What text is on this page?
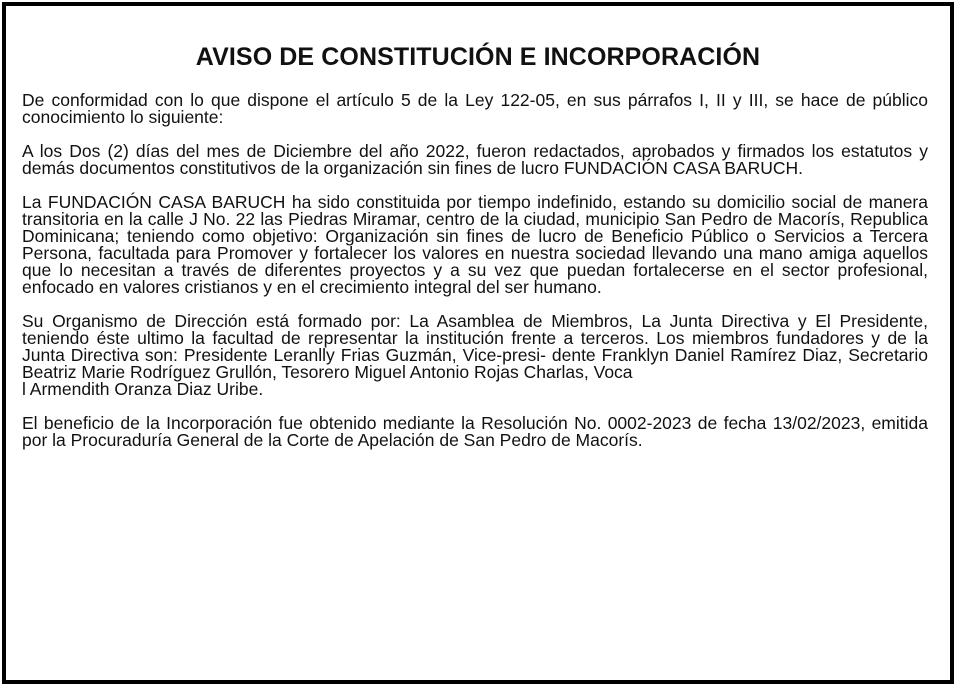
AVISO DE CONSTITUCIÓN E INCORPORACIÓN

De conformidad con lo que dispone el artículo 5 de la Ley 122-05, en sus párrafos I, II y III, se hace de público conocimiento lo siguiente:

A los Dos (2) días del mes de Diciembre del año 2022, fueron redactados, aprobados y firmados los estatutos y demás documentos constitutivos de la organización sin fines de lucro FUNDACIÓN CASA BARUCH.

La FUNDACIÓN CASA BARUCH ha sido constituida por tiempo indefinido, estando su domicilio social de manera transitoria en la calle J No. 22 las Piedras Miramar, centro de la ciudad, municipio San Pedro de Macorís, Republica Dominicana; teniendo como objetivo: Organización sin fines de lucro de Beneficio Público o Servicios a Tercera Persona, facultada para Promover y fortalecer los valores en nuestra sociedad llevando una mano amiga aquellos que lo necesitan a través de diferentes proyectos y a su vez que puedan fortalecerse en el sector profesional, enfocado en valores cristianos y en el crecimiento integral del ser humano.

Su Organismo de Dirección está formado por: La Asamblea de Miembros, La Junta Directiva y El Presidente, teniendo éste ultimo la facultad de representar la institución frente a terceros. Los miembros fundadores y de la Junta Directiva son: Presidente Leranlly Frias Guzmán, Vice-presi- dente Franklyn Daniel Ramírez Diaz, Secretario Beatriz Marie Rodríguez Grullón, Tesorero Miguel Antonio Rojas Charlas, Voca

l Armendith Oranza Diaz Uribe.

El beneficio de la Incorporación fue obtenido mediante la Resolución No. 0002-2023 de fecha 13/02/2023, emitida por la Procuraduría General de la Corte de Apelación de San Pedro de Macorís.
